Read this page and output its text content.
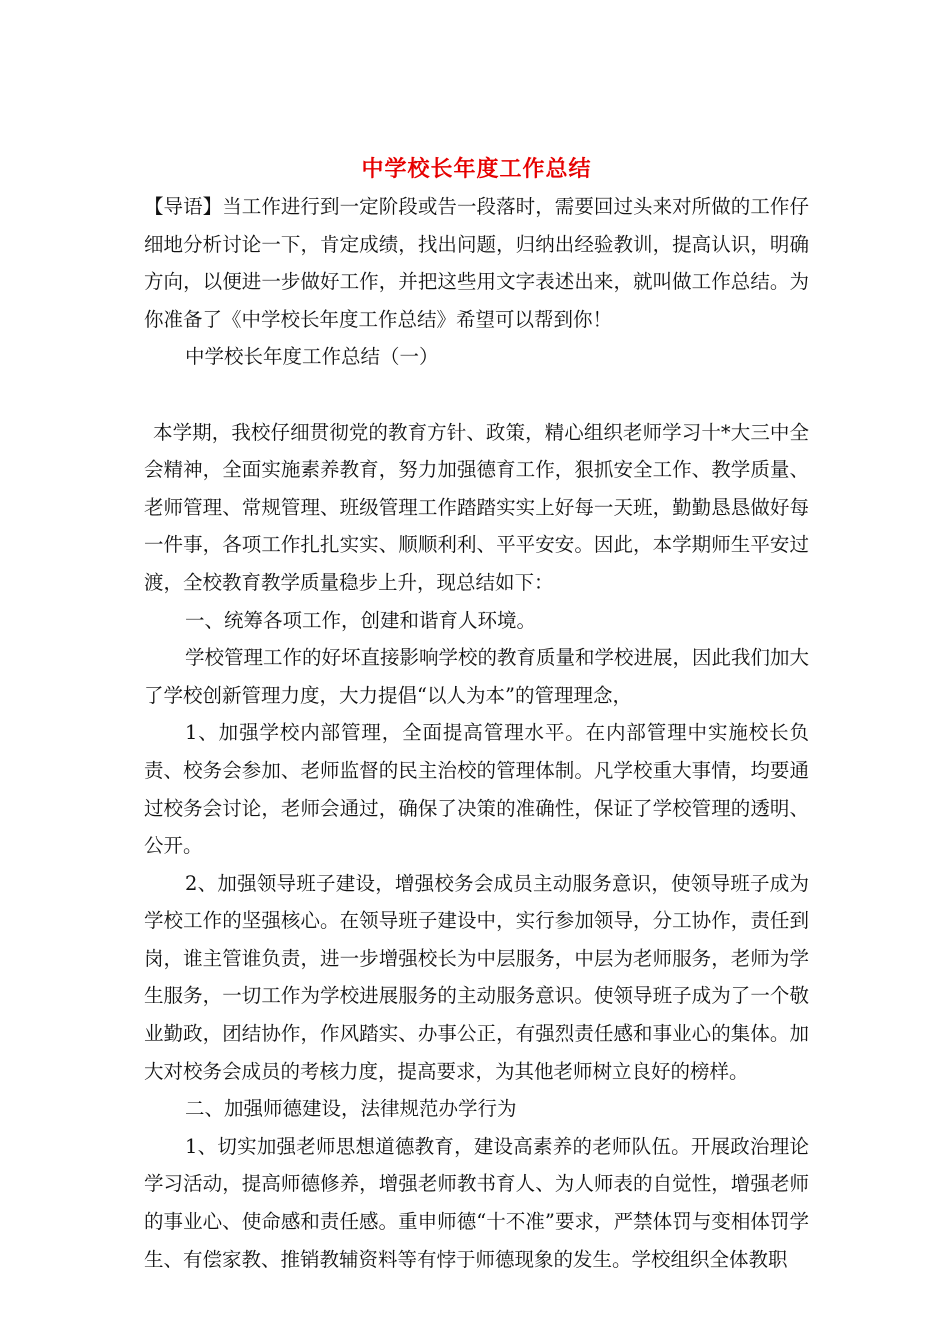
中学校长年度工作总结

【导语】当工作进行到一定阶段或告一段落时，需要回过头来对所做的工作仔细地分析讨论一下，肯定成绩，找出问题，归纳出经验教训，提高认识，明确方向，以便进一步做好工作，并把这些用文字表述出来，就叫做工作总结。为你准备了《中学校长年度工作总结》希望可以帮到你！

中学校长年度工作总结（一）

本学期，我校仔细贯彻党的教育方针、政策，精心组织老师学习十*大三中全会精神，全面实施素养教育，努力加强德育工作，狠抓安全工作、教学质量、老师管理、常规管理、班级管理工作踏踏实实上好每一天班，勤勤恳恳做好每一件事，各项工作扎扎实实、顺顺利利、平平安安。因此，本学期师生平安过渡，全校教育教学质量稳步上升，现总结如下：

一、统筹各项工作，创建和谐育人环境。

学校管理工作的好坏直接影响学校的教育质量和学校进展，因此我们加大了学校创新管理力度，大力提倡“以人为本”的管理理念，

1、加强学校内部管理，全面提高管理水平。在内部管理中实施校长负责、校务会参加、老师监督的民主治校的管理体制。凡学校重大事情，均要通过校务会讨论，老师会通过，确保了决策的准确性，保证了学校管理的透明、公开。

2、加强领导班子建设，增强校务会成员主动服务意识，使领导班子成为学校工作的坚强核心。在领导班子建设中，实行参加领导，分工协作，责任到岗，谁主管谁负责，进一步增强校长为中层服务，中层为老师服务，老师为学生服务，一切工作为学校进展服务的主动服务意识。使领导班子成为了一个敬业勤政，团结协作，作风踏实、办事公正，有强烈责任感和事业心的集体。加大对校务会成员的考核力度，提高要求，为其他老师树立良好的榜样。

二、加强师德建设，法律规范办学行为

1、切实加强老师思想道德教育，建设高素养的老师队伍。开展政治理论学习活动，提高师德修养，增强老师教书育人、为人师表的自觉性，增强老师的事业心、使命感和责任感。重申师德“十不准”要求，严禁体罚与变相体罚学生、有偿家教、推销教辅资料等有悖于师德现象的发生。学校组织全体教职
